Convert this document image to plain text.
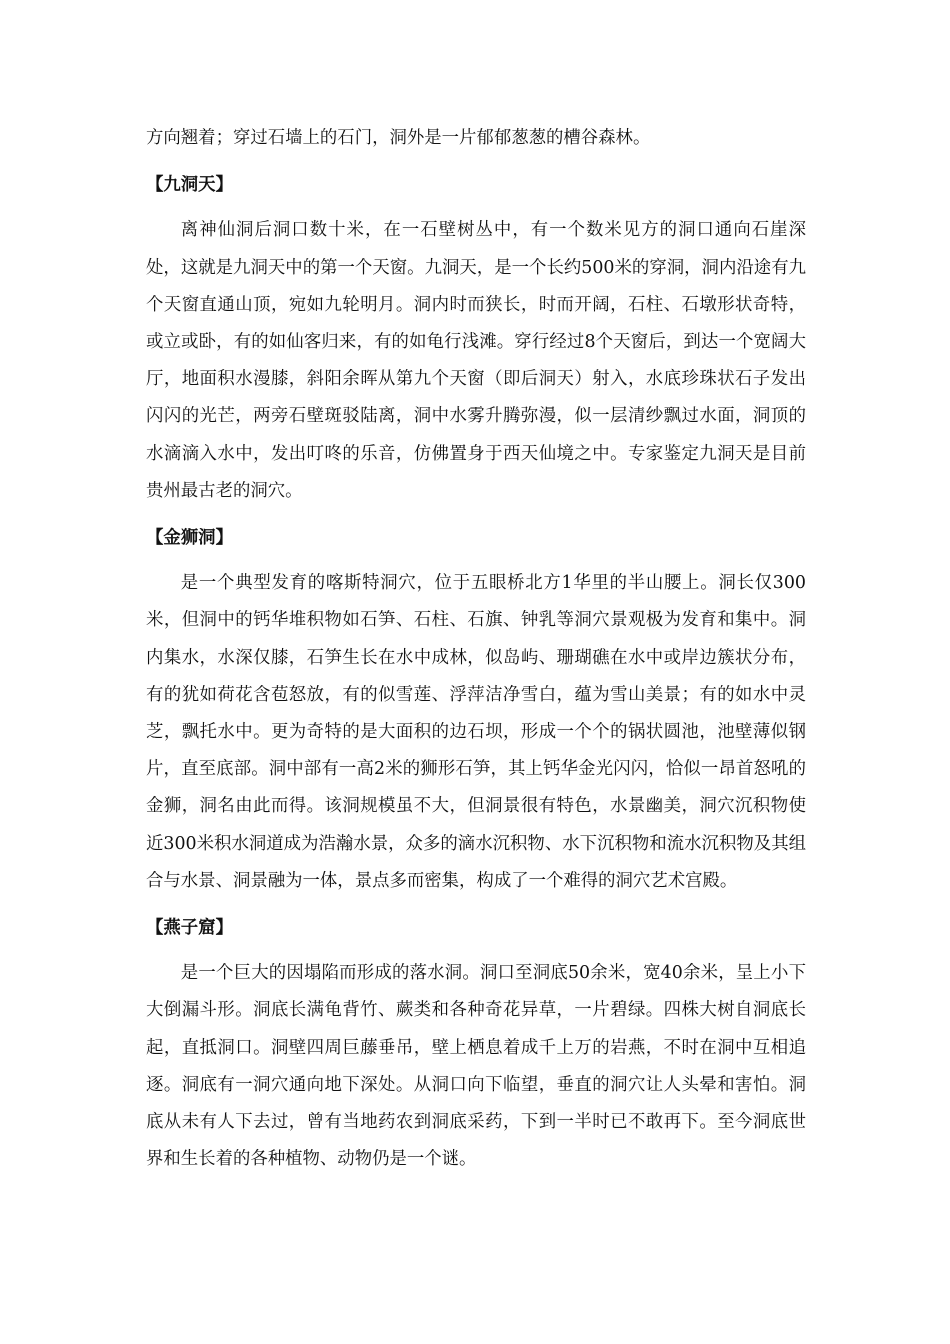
方向翘着；穿过石墙上的石门，洞外是一片郁郁葱葱的槽谷森林。

【九洞天】

离神仙洞后洞口数十米，在一石壁树丛中，有一个数米见方的洞口通向石崖深处，这就是九洞天中的第一个天窗。九洞天，是一个长约500米的穿洞，洞内沿途有九个天窗直通山顶，宛如九轮明月。洞内时而狭长，时而开阔，石柱、石墩形状奇特，或立或卧，有的如仙客归来，有的如龟行浅滩。穿行经过8个天窗后，到达一个宽阔大厅，地面积水漫膝，斜阳余晖从第九个天窗（即后洞天）射入，水底珍珠状石子发出闪闪的光芒，两旁石壁斑驳陆离，洞中水雾升腾弥漫，似一层清纱飘过水面，洞顶的水滴滴入水中，发出叮咚的乐音，仿佛置身于西天仙境之中。专家鉴定九洞天是目前贵州最古老的洞穴。

【金狮洞】

是一个典型发育的喀斯特洞穴，位于五眼桥北方1华里的半山腰上。洞长仅300米，但洞中的钙华堆积物如石笋、石柱、石旗、钟乳等洞穴景观极为发育和集中。洞内集水，水深仅膝，石笋生长在水中成林，似岛屿、珊瑚礁在水中或岸边簇状分布，有的犹如荷花含苞怒放，有的似雪莲、浮萍洁净雪白，蕴为雪山美景；有的如水中灵芝，飘托水中。更为奇特的是大面积的边石坝，形成一个个的锅状圆池，池壁薄似钢片，直至底部。洞中部有一高2米的狮形石笋，其上钙华金光闪闪，恰似一昂首怒吼的金狮，洞名由此而得。该洞规模虽不大，但洞景很有特色，水景幽美，洞穴沉积物使近300米积水洞道成为浩瀚水景，众多的滴水沉积物、水下沉积物和流水沉积物及其组合与水景、洞景融为一体，景点多而密集，构成了一个难得的洞穴艺术宫殿。

【燕子窟】

是一个巨大的因塌陷而形成的落水洞。洞口至洞底50余米，宽40余米，呈上小下大倒漏斗形。洞底长满龟背竹、蕨类和各种奇花异草，一片碧绿。四株大树自洞底长起，直抵洞口。洞壁四周巨藤垂吊，壁上栖息着成千上万的岩燕，不时在洞中互相追逐。洞底有一洞穴通向地下深处。从洞口向下临望，垂直的洞穴让人头晕和害怕。洞底从未有人下去过，曾有当地药农到洞底采药，下到一半时已不敢再下。至今洞底世界和生长着的各种植物、动物仍是一个谜。
